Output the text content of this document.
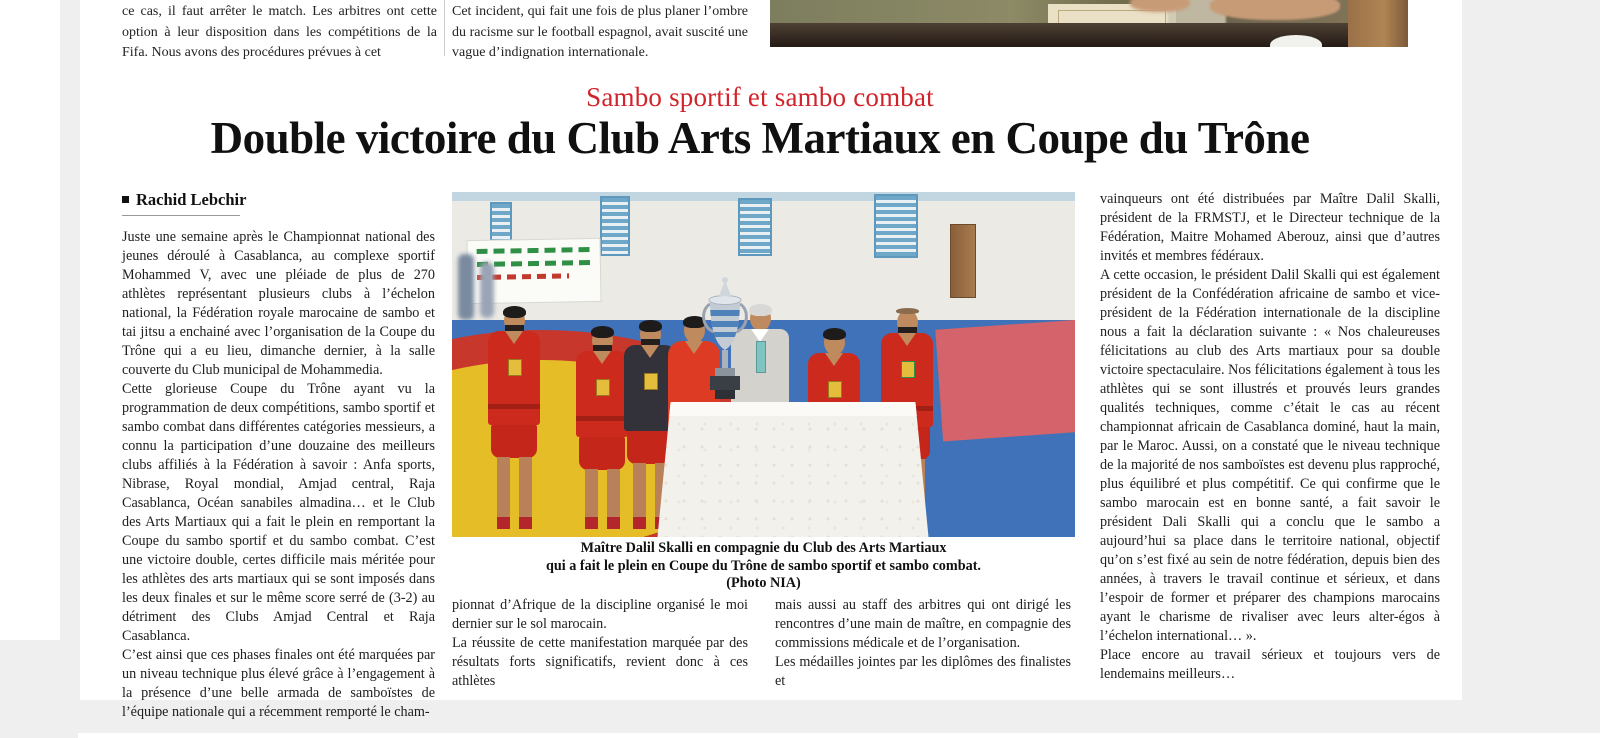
ce cas, il faut arrêter le match. Les arbitres ont cette option à leur disposition dans les compétitions de la Fifa. Nous avons des procédures prévues à cet
Cet incident, qui fait une fois de plus planer l’ombre du racisme sur le football espagnol, avait suscité une vague d’indignation internationale.
Sambo sportif et sambo combat
Double victoire du Club Arts Martiaux en Coupe du Trône
Rachid Lebchir

Juste une semaine après le Championnat national des jeunes déroulé à Casablanca, au complexe sportif Mohammed V, avec une pléiade de plus de 270 athlètes représentant plusieurs clubs à l’échelon national, la Fédération royale marocaine de sambo et tai jitsu a enchainé avec l’organisation de la Coupe du Trône qui a eu lieu, dimanche dernier, à la salle couverte du Club municipal de Mohammedia.

Cette glorieuse Coupe du Trône ayant vu la programmation de deux compétitions, sambo sportif et sambo combat dans différentes catégories messieurs, a connu la participation d’une douzaine des meilleurs clubs affiliés à la Fédération à savoir : Anfa sports, Nibrase, Royal mondial, Amjad central, Raja Casablanca, Océan sanabiles almadina… et le Club des Arts Martiaux qui a fait le plein en remportant la Coupe du sambo sportif et du sambo combat. C’est une victoire double, certes difficile mais méritée pour les athlètes des arts martiaux qui se sont imposés dans les deux finales et sur le même score serré de (3-2) au détriment des Clubs Amjad Central et Raja Casablanca.

C’est ainsi que ces phases finales ont été marquées par un niveau technique plus élevé grâce à l’engagement à la présence d’une belle armada de samboïstes de l’équipe nationale qui a récemment remporté le cham-

Maître Dalil Skalli en compagnie du Club des Arts Martiaux
qui a fait le plein en Coupe du Trône de sambo sportif et sambo combat.
(Photo NIA)

pionnat d’Afrique de la discipline organisé le moi dernier sur le sol marocain.

La réussite de cette manifestation marquée par des résultats forts significatifs, revient donc à ces athlètes

mais aussi au staff des arbitres qui ont dirigé les rencontres d’une main de maître, en compagnie des commissions médicale et de l’organisation.

Les médailles jointes par les diplômes des finalistes et

vainqueurs ont été distribuées par Maître Dalil Skalli, président de la FRMSTJ, et le Directeur technique de la Fédération, Maitre Mohamed Aberouz, ainsi que d’autres invités et membres fédéraux.

A cette occasion, le président Dalil Skalli qui est également président de la Confédération africaine de sambo et vice-président de la Fédération internationale de la discipline nous a fait la déclaration suivante : « Nos chaleureuses félicitations au club des Arts martiaux pour sa double victoire spectaculaire. Nos félicitations également à tous les athlètes qui se sont illustrés et prouvés leurs grandes qualités techniques, comme c’était le cas au récent championnat africain de Casablanca dominé, haut la main, par le Maroc. Aussi, on a constaté que le niveau technique de la majorité de nos samboïstes est devenu plus rapproché, plus équilibré et plus compétitif. Ce qui confirme que le sambo marocain est en bonne santé, a fait savoir le président Dali Skalli qui a conclu que le sambo a aujourd’hui sa place dans le territoire national, objectif qu’on s’est fixé au sein de notre fédération, depuis bien des années, à travers le travail continue et sérieux, et dans l’espoir de former et préparer des champions marocains ayant le charisme de rivaliser avec leurs alter-égos à l’échelon international… ».

Place encore au travail sérieux et toujours vers de lendemains meilleurs…
